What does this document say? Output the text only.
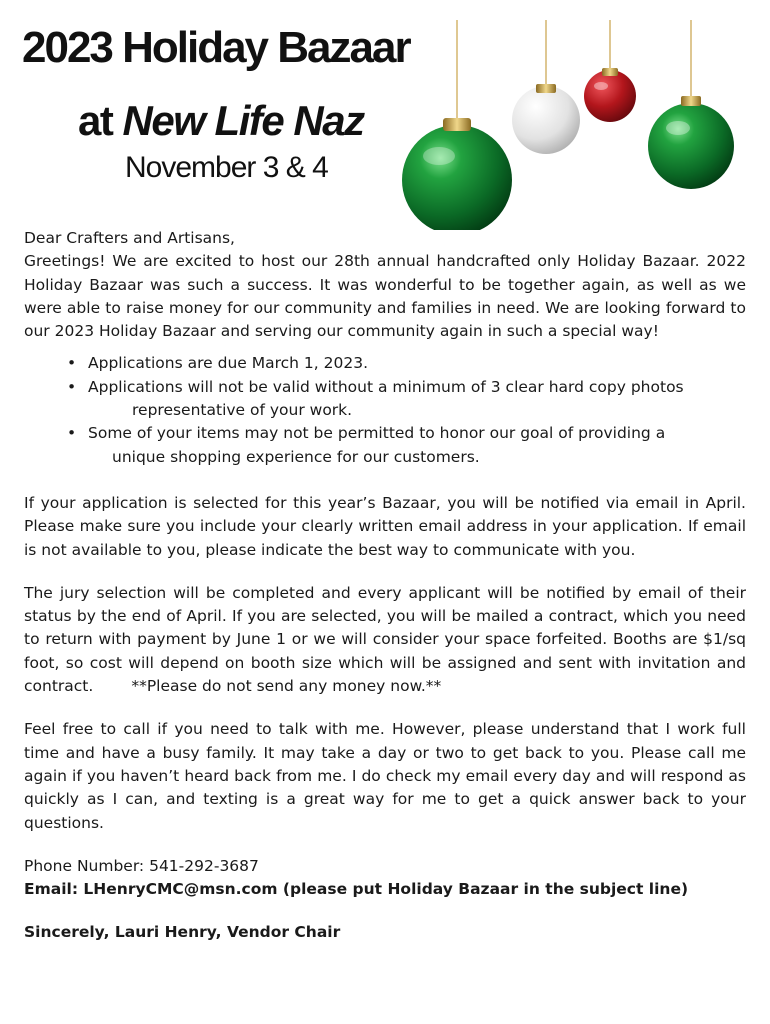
2023 Holiday Bazaar
at New Life Naz
November 3 & 4

Dear Crafters and Artisans,

Greetings! We are excited to host our 28th annual handcrafted only Holiday Bazaar. 2022 Holiday Bazaar was such a success. It was wonderful to be together again, as well as we were able to raise money for our community and families in need. We are looking forward to our 2023 Holiday Bazaar and serving our community again in such a special way!

• Applications are due March 1, 2023.
• Applications will not be valid without a minimum of 3 clear hard copy photos
representative of your work.
• Some of your items may not be permitted to honor our goal of providing a
unique shopping experience for our customers.

If your application is selected for this year’s Bazaar, you will be notified via email in April. Please make sure you include your clearly written email address in your application. If email is not available to you, please indicate the best way to communicate with you.

The jury selection will be completed and every applicant will be notified by email of their status by the end of April. If you are selected, you will be mailed a contract, which you need to return with payment by June 1 or we will consider your space forfeited. Booths are $1/sq foot, so cost will depend on booth size which will be assigned and sent with invitation and contract. **Please do not send any money now.**

Feel free to call if you need to talk with me. However, please understand that I work full time and have a busy family. It may take a day or two to get back to you. Please call me again if you haven’t heard back from me. I do check my email every day and will respond as quickly as I can, and texting is a great way for me to get a quick answer back to your questions.

Phone Number: 541-292-3687

Email: LHenryCMC@msn.com (please put Holiday Bazaar in the subject line)

Sincerely, Lauri Henry, Vendor Chair
